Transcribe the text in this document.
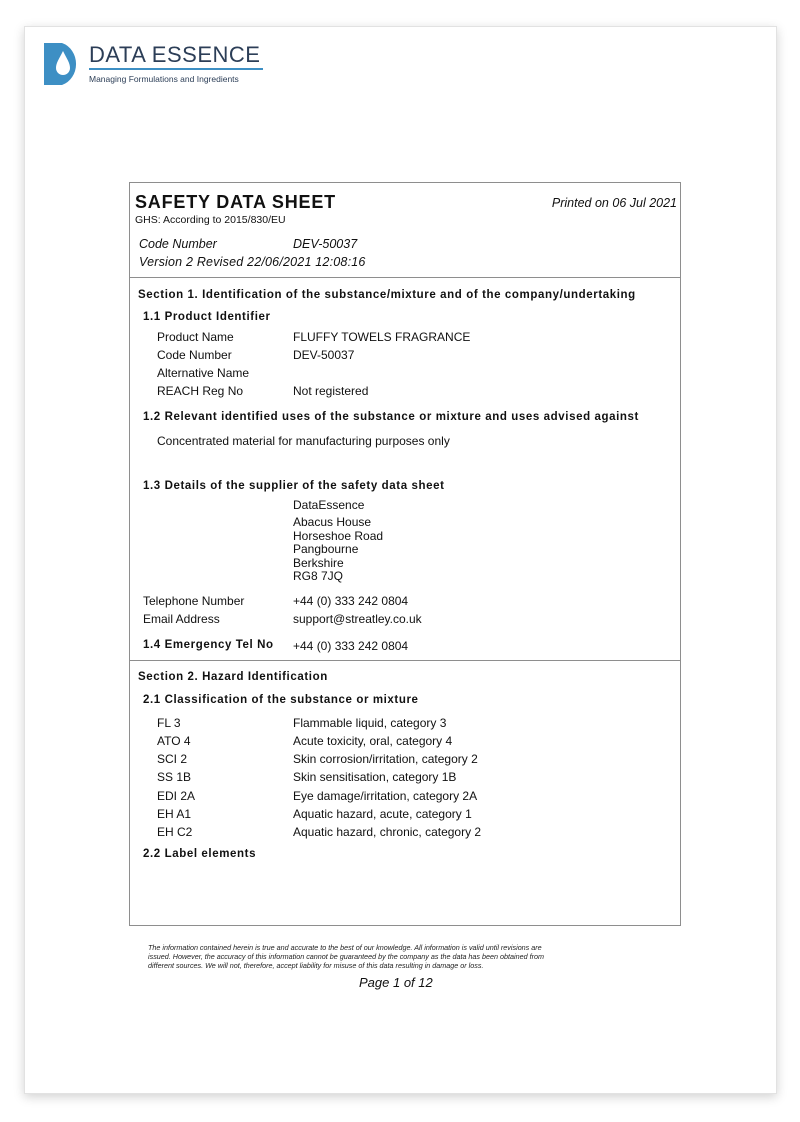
DATA ESSENCE
Managing Formulations and Ingredients
SAFETY DATA SHEET
GHS: According to 2015/830/EU
Printed on 06 Jul 2021
Code Number	DEV-50037
Version 2 Revised 22/06/2021 12:08:16
Section 1. Identification of the substance/mixture and of the company/undertaking
1.1 Product Identifier
Product Name	FLUFFY TOWELS FRAGRANCE
Code Number	DEV-50037
Alternative Name
REACH Reg No	Not registered
1.2 Relevant identified uses of the substance or mixture and uses advised against
Concentrated material for manufacturing purposes only
1.3 Details of the supplier of the safety data sheet
DataEssence
Abacus House
Horseshoe Road
Pangbourne
Berkshire
RG8 7JQ
Telephone Number	+44 (0) 333 242 0804
Email Address	support@streatley.co.uk
1.4 Emergency Tel No +44 (0) 333 242 0804
Section 2. Hazard Identification
2.1 Classification of the substance or mixture
FL 3	Flammable liquid, category 3
ATO 4	Acute toxicity, oral, category 4
SCI 2	Skin corrosion/irritation, category 2
SS 1B	Skin sensitisation, category 1B
EDI 2A	Eye damage/irritation, category 2A
EH A1	Aquatic hazard, acute, category 1
EH C2	Aquatic hazard, chronic, category 2
2.2 Label elements
The information contained herein is true and accurate to the best of our knowledge. All information is valid until revisions are
issued. However, the accuracy of this information cannot be guaranteed by the company as the data has been obtained from
different sources. We will not, therefore, accept liability for misuse of this data resulting in damage or loss.
Page 1 of 12
